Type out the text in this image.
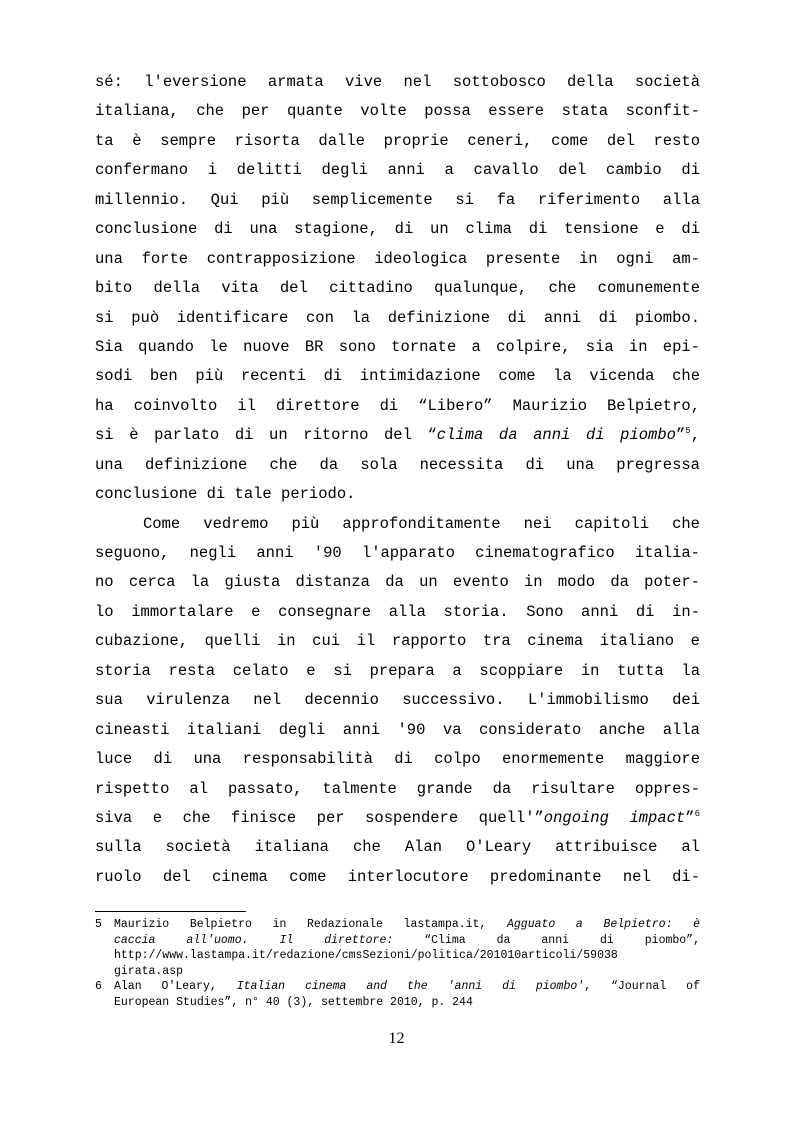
sé: l'eversione armata vive nel sottobosco della società
italiana, che per quante volte possa essere stata sconfit-
ta è sempre risorta dalle proprie ceneri, come del resto
confermano i delitti degli anni a cavallo del cambio di
millennio. Qui più semplicemente si fa riferimento alla
conclusione di una stagione, di un clima di tensione e di
una forte contrapposizione ideologica presente in ogni am-
bito della vita del cittadino qualunque, che comunemente
si può identificare con la definizione di anni di piombo.
Sia quando le nuove BR sono tornate a colpire, sia in epi-
sodi ben più recenti di intimidazione come la vicenda che
ha coinvolto il direttore di “Libero” Maurizio Belpietro,
si è parlato di un ritorno del “clima da anni di piombo”$^5$,
una definizione che da sola necessita di una pregressa
conclusione di tale periodo.
Come vedremo più approfonditamente nei capitoli che
seguono, negli anni '90 l'apparato cinematografico italia-
no cerca la giusta distanza da un evento in modo da poter-
lo immortalare e consegnare alla storia. Sono anni di in-
cubazione, quelli in cui il rapporto tra cinema italiano e
storia resta celato e si prepara a scoppiare in tutta la
sua virulenza nel decennio successivo. L'immobilismo dei
cineasti italiani degli anni '90 va considerato anche alla
luce di una responsabilità di colpo enormemente maggiore
rispetto al passato, talmente grande da risultare oppres-
siva e che finisce per sospendere quell'”ongoing impact”$^6$
sulla società italiana che Alan O'Leary attribuisce al
ruolo del cinema come interlocutore predominante nel di-
5 Maurizio Belpietro in Redazionale lastampa.it, Agguato a Belpietro: è
caccia all'uomo. Il direttore: “Clima da anni di piombo”,
http://www.lastampa.it/redazione/cmsSezioni/politica/201010articoli/59038
girata.asp
6 Alan O'Leary, Italian cinema and the 'anni di piombo', “Journal of
European Studies”, n° 40 (3), settembre 2010, p. 244
12
